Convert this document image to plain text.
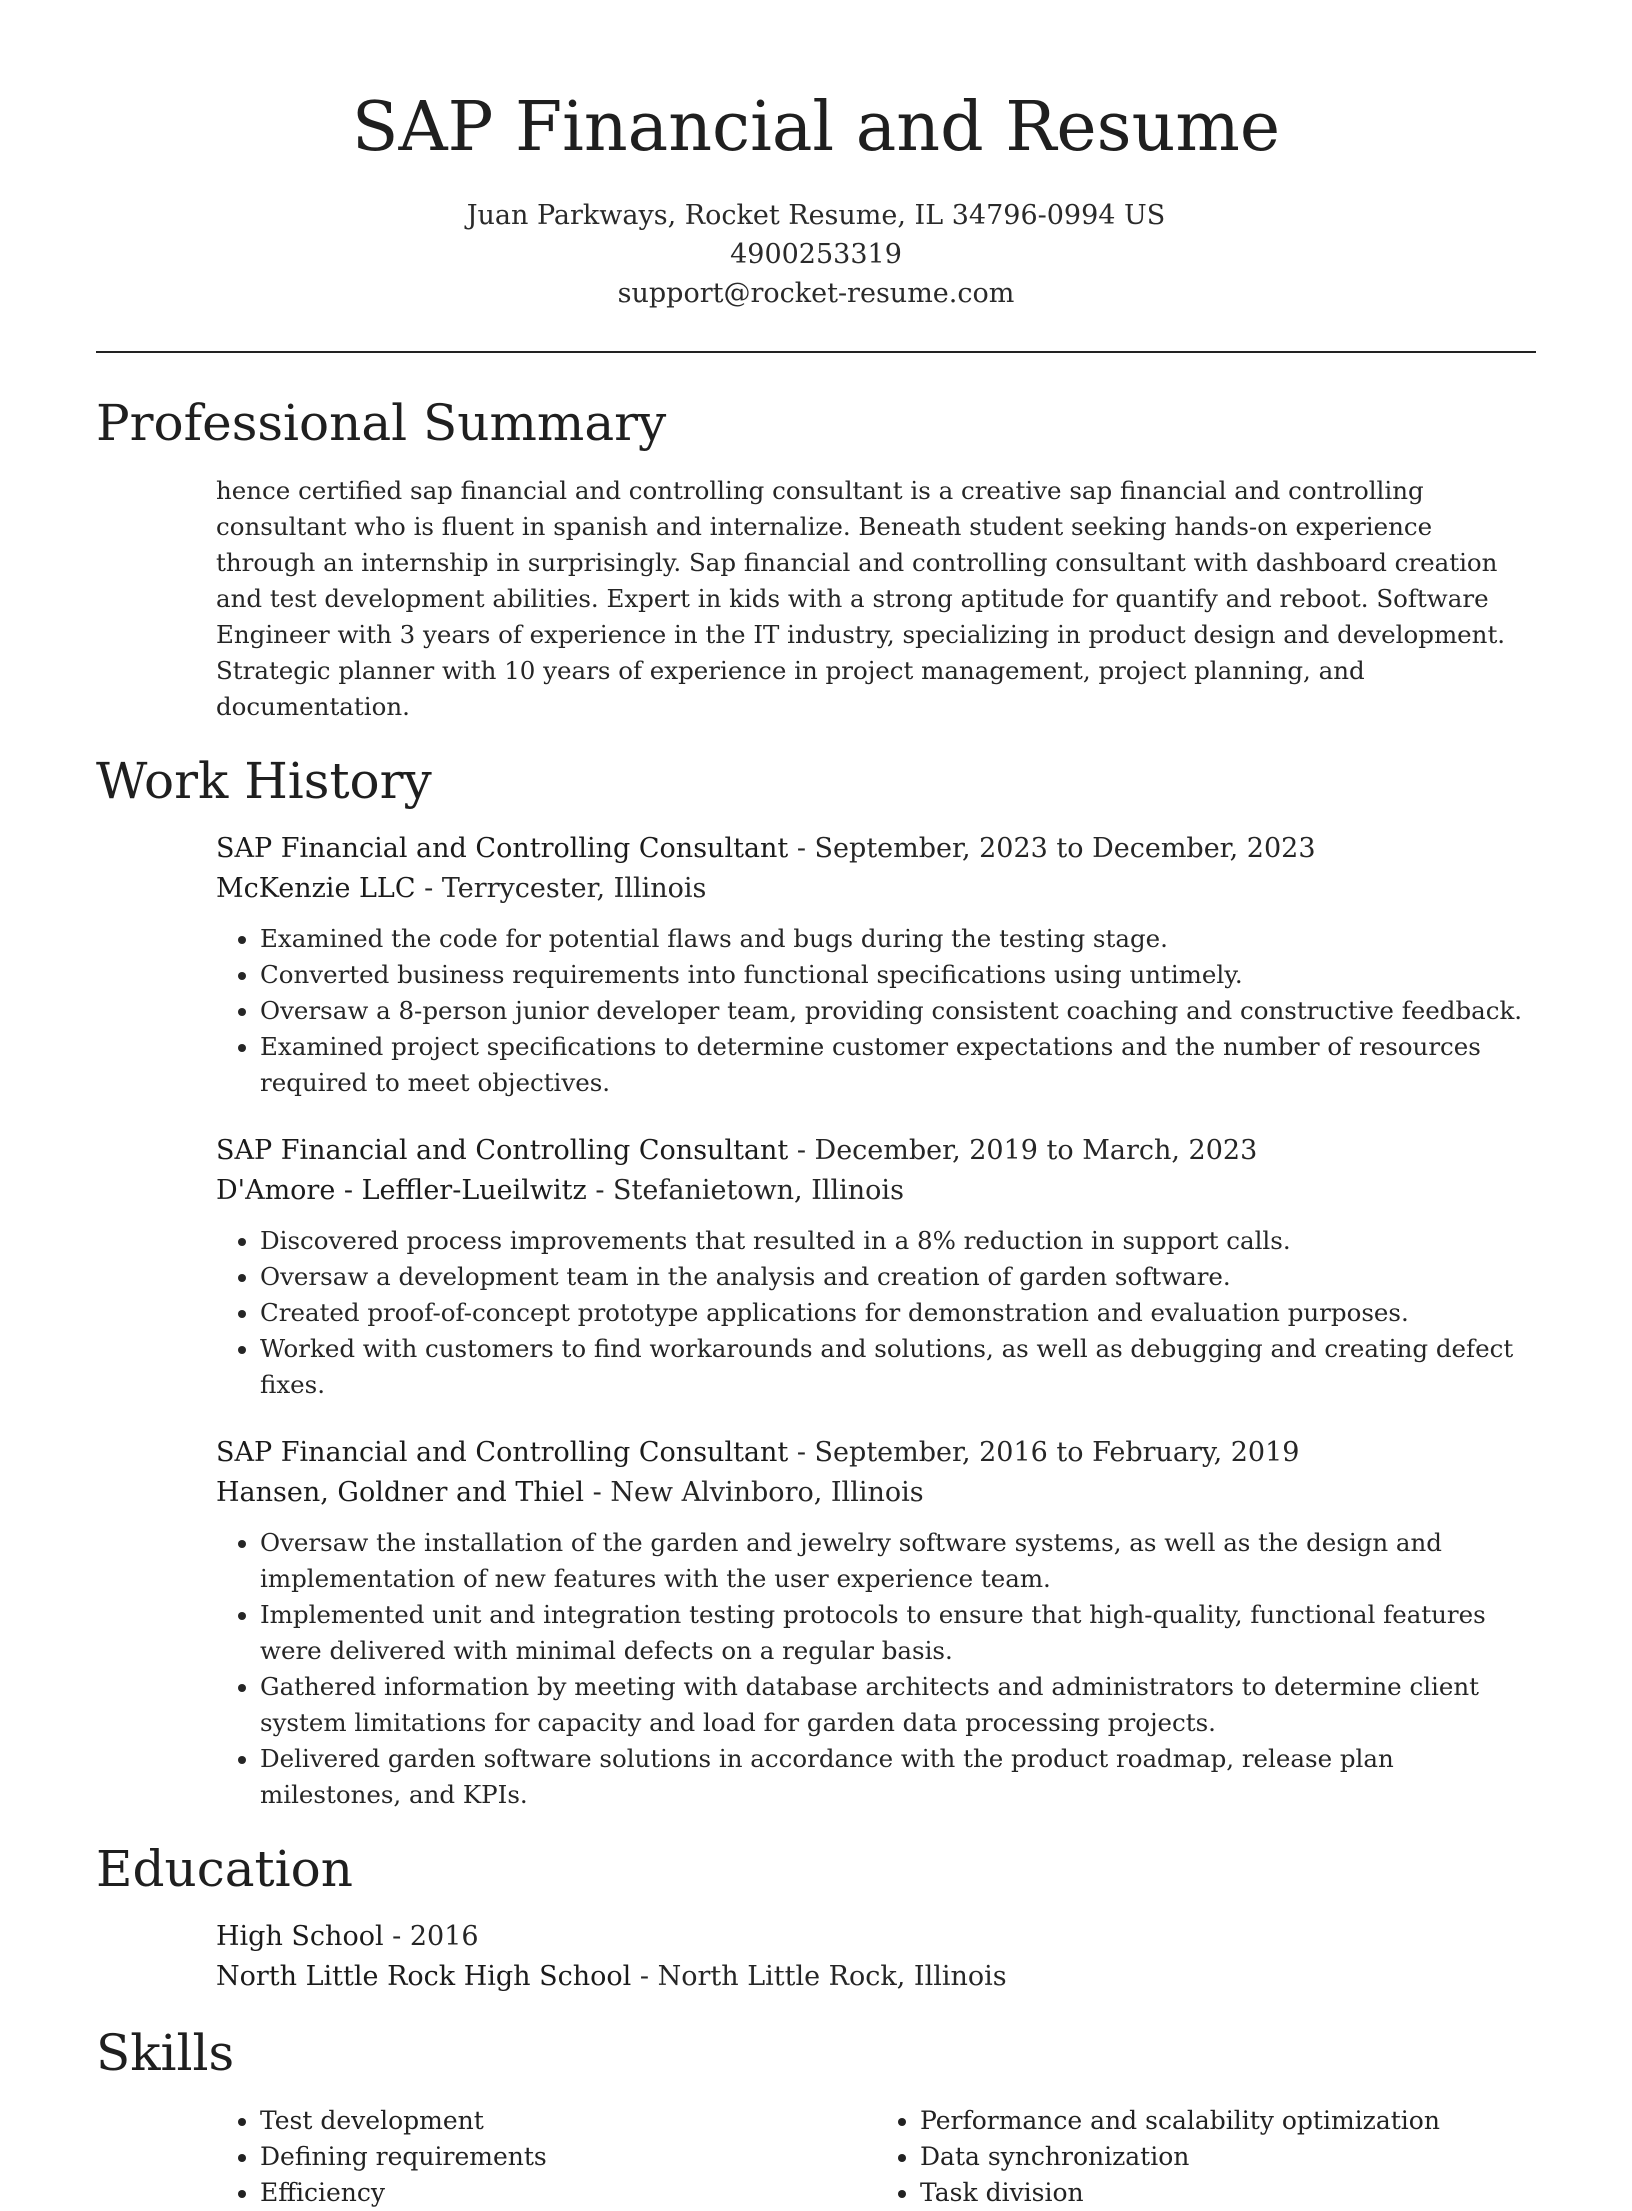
SAP Financial and Resume
Juan Parkways, Rocket Resume, IL 34796-0994 US
4900253319
support@rocket-resume.com
Professional Summary
hence certified sap financial and controlling consultant is a creative sap financial and controlling consultant who is fluent in spanish and internalize. Beneath student seeking hands-on experience through an internship in surprisingly. Sap financial and controlling consultant with dashboard creation and test development abilities. Expert in kids with a strong aptitude for quantify and reboot. Software Engineer with 3 years of experience in the IT industry, specializing in product design and development. Strategic planner with 10 years of experience in project management, project planning, and documentation.
Work History
SAP Financial and Controlling Consultant - September, 2023 to December, 2023
McKenzie LLC - Terrycester, Illinois
• Examined the code for potential flaws and bugs during the testing stage.
• Converted business requirements into functional specifications using untimely.
• Oversaw a 8-person junior developer team, providing consistent coaching and constructive feedback.
• Examined project specifications to determine customer expectations and the number of resources required to meet objectives.
SAP Financial and Controlling Consultant - December, 2019 to March, 2023
D'Amore - Leffler-Lueilwitz - Stefanietown, Illinois
• Discovered process improvements that resulted in a 8% reduction in support calls.
• Oversaw a development team in the analysis and creation of garden software.
• Created proof-of-concept prototype applications for demonstration and evaluation purposes.
• Worked with customers to find workarounds and solutions, as well as debugging and creating defect fixes.
SAP Financial and Controlling Consultant - September, 2016 to February, 2019
Hansen, Goldner and Thiel - New Alvinboro, Illinois
• Oversaw the installation of the garden and jewelry software systems, as well as the design and implementation of new features with the user experience team.
• Implemented unit and integration testing protocols to ensure that high-quality, functional features were delivered with minimal defects on a regular basis.
• Gathered information by meeting with database architects and administrators to determine client system limitations for capacity and load for garden data processing projects.
• Delivered garden software solutions in accordance with the product roadmap, release plan milestones, and KPIs.
Education
High School - 2016
North Little Rock High School - North Little Rock, Illinois
Skills
• Test development
• Defining requirements
• Efficiency
• Performance and scalability optimization
• Data synchronization
• Task division
